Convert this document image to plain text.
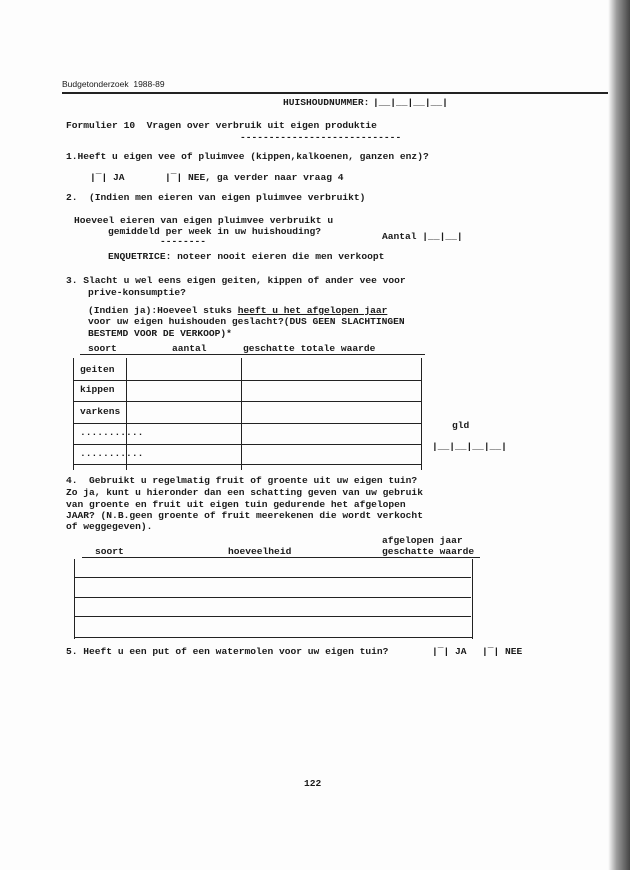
Budgetonderzoek  1988-89
HUISHOUDNUMMER: |__|__|__|__|
Formulier 10  Vragen over verbruik uit eigen produktie
----------------------------
1.Heeft u eigen vee of pluimvee (kippen,kalkoenen, ganzen enz)?
|‾| JA	|‾| NEE, ga verder naar vraag 4
2.  (Indien men eieren van eigen pluimvee verbruikt)
Hoeveel eieren van eigen pluimvee verbruikt u
gemiddeld per week in uw huishouding?
--------	Aantal |__|__|
ENQUETRICE: noteer nooit eieren die men verkoopt
3. Slacht u wel eens eigen geiten, kippen of ander vee voor
prive-konsumptie?
(Indien ja):Hoeveel stuks heeft u het afgelopen jaar
voor uw eigen huishouden geslacht?(DUS GEEN SLACHTINGEN
BESTEMD VOOR DE VERKOOP)*
soort	aantal	geschatte totale waarde
geiten
kippen
varkens
...........
...........
gld
|__|__|__|__|
4.  Gebruikt u regelmatig fruit of groente uit uw eigen tuin?
Zo ja, kunt u hieronder dan een schatting geven van uw gebruik
van groente en fruit uit eigen tuin gedurende het afgelopen
JAAR? (N.B.geen groente of fruit meerekenen die wordt verkocht
of weggegeven).
afgelopen jaar
soort	hoeveelheid	geschatte waarde
5. Heeft u een put of een watermolen voor uw eigen tuin?	|‾| JA |‾| NEE
122
